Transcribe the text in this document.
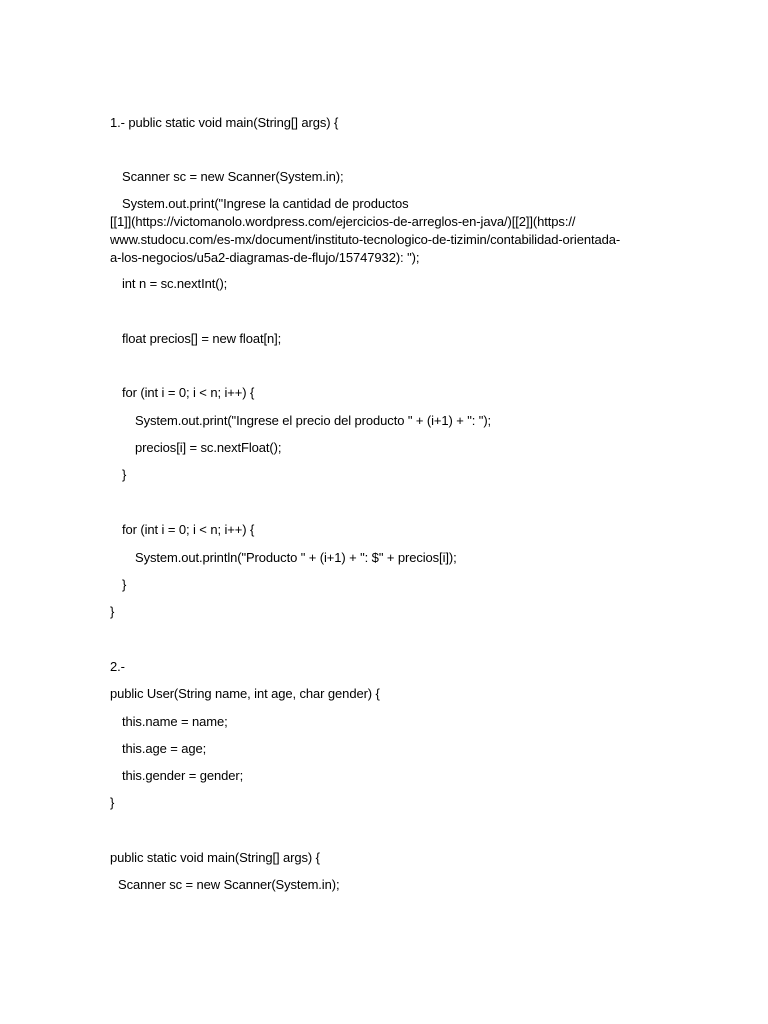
1.- public static void main(String[] args) {
Scanner sc = new Scanner(System.in);
System.out.print("Ingrese la cantidad de productos
[[1]](https://victomanolo.wordpress.com/ejercicios-de-arreglos-en-java/)[[2]](https://
www.studocu.com/es-mx/document/instituto-tecnologico-de-tizimin/contabilidad-orientada-
a-los-negocios/u5a2-diagramas-de-flujo/15747932): ");
int n = sc.nextInt();
float precios[] = new float[n];
for (int i = 0; i < n; i++) {
System.out.print("Ingrese el precio del producto " + (i+1) + ": ");
precios[i] = sc.nextFloat();
}
for (int i = 0; i < n; i++) {
System.out.println("Producto " + (i+1) + ": $" + precios[i]);
}
}
2.-
public User(String name, int age, char gender) {
this.name = name;
this.age = age;
this.gender = gender;
}
public static void main(String[] args) {
Scanner sc = new Scanner(System.in);
